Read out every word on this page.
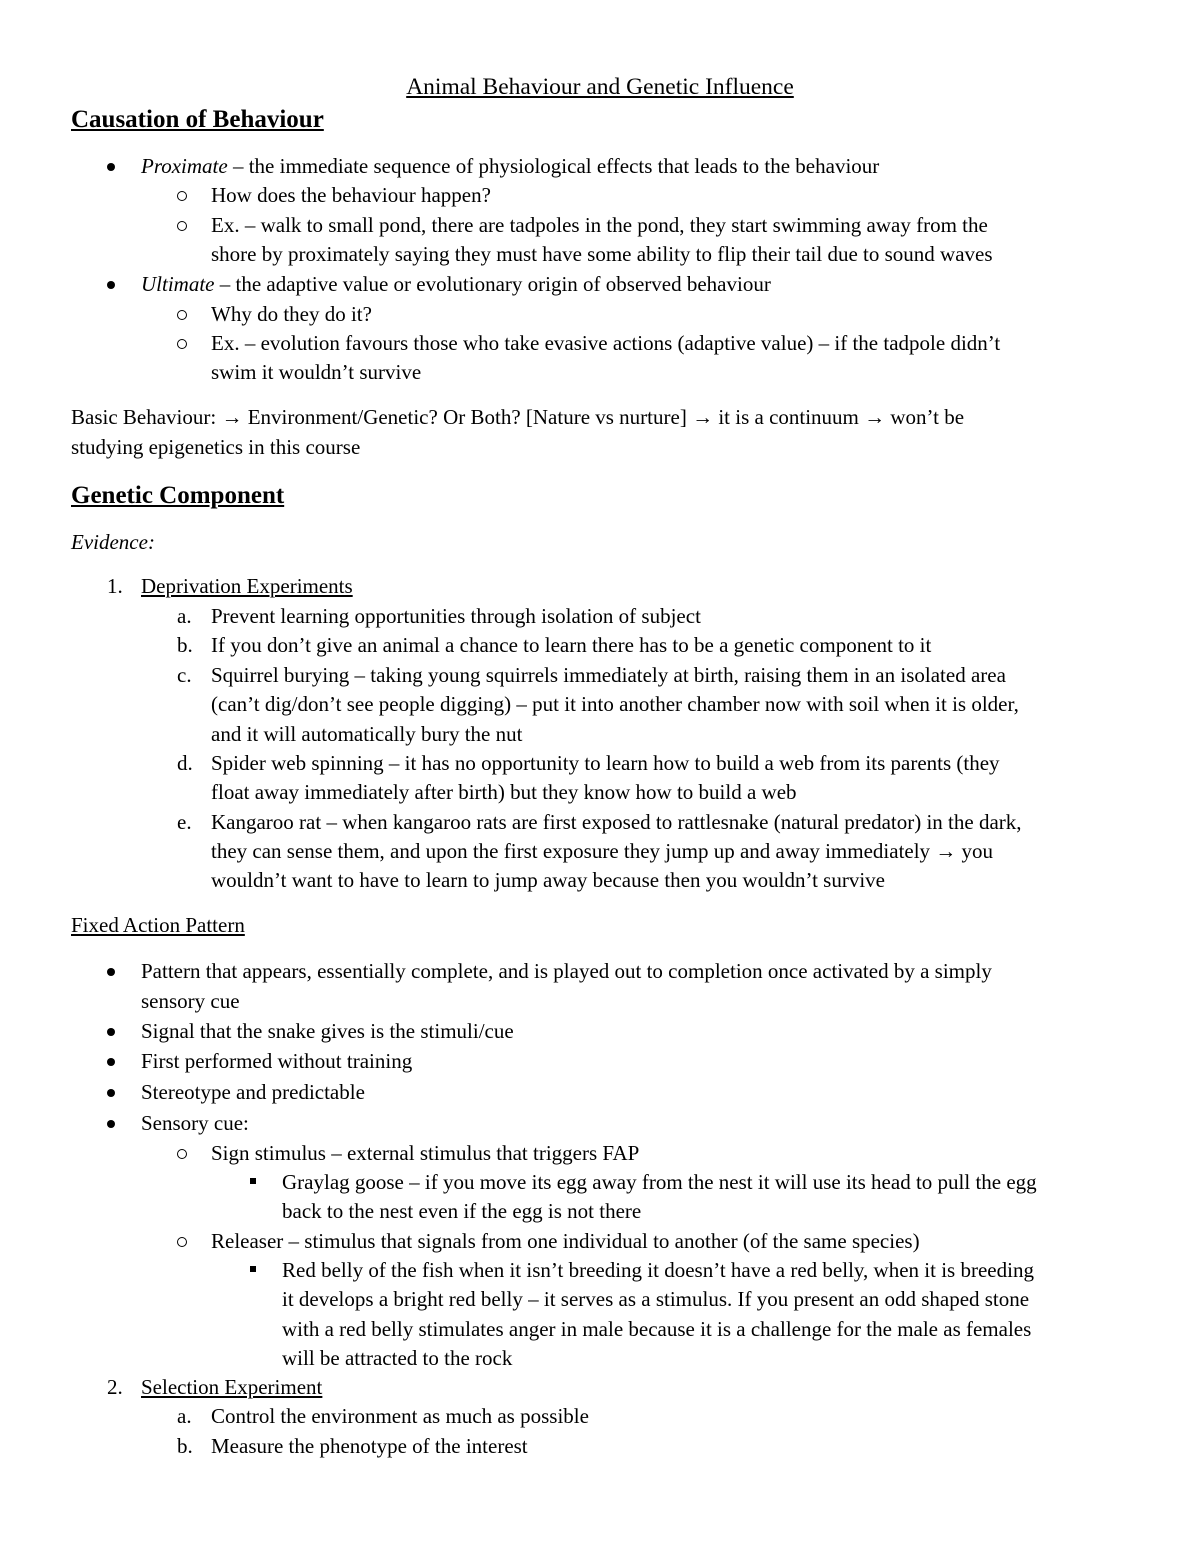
Animal Behaviour and Genetic Influence
Causation of Behaviour
Proximate – the immediate sequence of physiological effects that leads to the behaviour
How does the behaviour happen?
Ex. – walk to small pond, there are tadpoles in the pond, they start swimming away from the
shore by proximately saying they must have some ability to flip their tail due to sound waves
Ultimate – the adaptive value or evolutionary origin of observed behaviour
Why do they do it?
Ex. – evolution favours those who take evasive actions (adaptive value) – if the tadpole didn’t
swim it wouldn’t survive
Basic Behaviour: → Environment/Genetic? Or Both? [Nature vs nurture] → it is a continuum → won’t be
studying epigenetics in this course
Genetic Component
Evidence:
1. Deprivation Experiments
a. Prevent learning opportunities through isolation of subject
b. If you don’t give an animal a chance to learn there has to be a genetic component to it
c. Squirrel burying – taking young squirrels immediately at birth, raising them in an isolated area
(can’t dig/don’t see people digging) – put it into another chamber now with soil when it is older,
and it will automatically bury the nut
d. Spider web spinning – it has no opportunity to learn how to build a web from its parents (they
float away immediately after birth) but they know how to build a web
e. Kangaroo rat – when kangaroo rats are first exposed to rattlesnake (natural predator) in the dark,
they can sense them, and upon the first exposure they jump up and away immediately → you
wouldn’t want to have to learn to jump away because then you wouldn’t survive
Fixed Action Pattern
Pattern that appears, essentially complete, and is played out to completion once activated by a simply
sensory cue
Signal that the snake gives is the stimuli/cue
First performed without training
Stereotype and predictable
Sensory cue:
Sign stimulus – external stimulus that triggers FAP
Graylag goose – if you move its egg away from the nest it will use its head to pull the egg
back to the nest even if the egg is not there
Releaser – stimulus that signals from one individual to another (of the same species)
Red belly of the fish when it isn’t breeding it doesn’t have a red belly, when it is breeding
it develops a bright red belly – it serves as a stimulus. If you present an odd shaped stone
with a red belly stimulates anger in male because it is a challenge for the male as females
will be attracted to the rock
2. Selection Experiment
a. Control the environment as much as possible
b. Measure the phenotype of the interest
